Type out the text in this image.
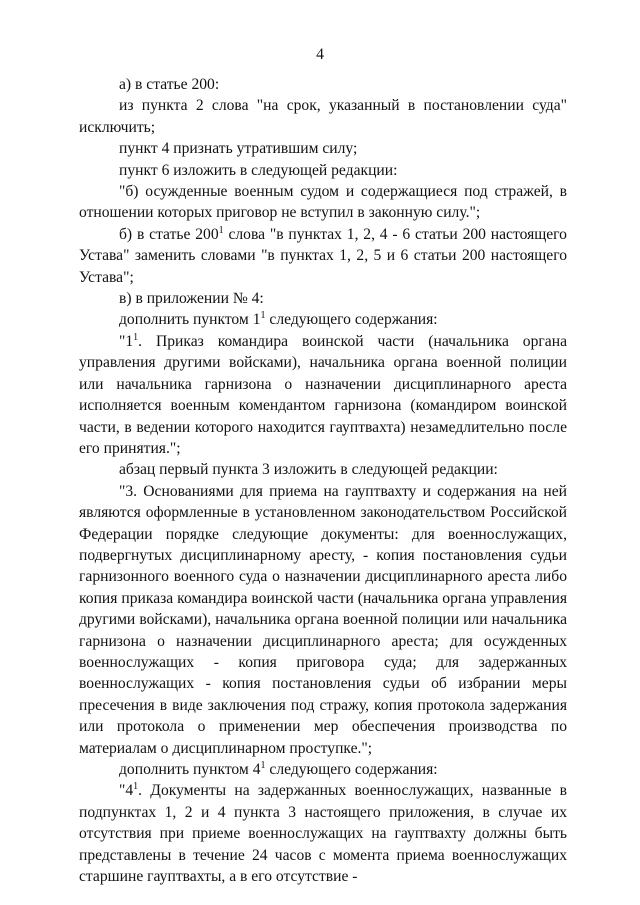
4

а) в статье 200:

из пункта 2 слова "на срок, указанный в постановлении суда" исключить;

пункт 4 признать утратившим силу;

пункт 6 изложить в следующей редакции:

"б) осужденные военным судом и содержащиеся под стражей, в отношении которых приговор не вступил в законную силу.";

б) в статье $200^1$ слова "в пунктах 1, 2, 4 - 6 статьи 200 настоящего Устава" заменить словами "в пунктах 1, 2, 5 и 6 статьи 200 настоящего Устава";

в) в приложении № 4:

дополнить пунктом $1^1$ следующего содержания:

"$1^1$. Приказ командира воинской части (начальника органа управления другими войсками), начальника органа военной полиции или начальника гарнизона о назначении дисциплинарного ареста исполняется военным комендантом гарнизона (командиром воинской части, в ведении которого находится гауптвахта) незамедлительно после его принятия.";

абзац первый пункта 3 изложить в следующей редакции:

"3. Основаниями для приема на гауптвахту и содержания на ней являются оформленные в установленном законодательством Российской Федерации порядке следующие документы: для военнослужащих, подвергнутых дисциплинарному аресту, - копия постановления судьи гарнизонного военного суда о назначении дисциплинарного ареста либо копия приказа командира воинской части (начальника органа управления другими войсками), начальника органа военной полиции или начальника гарнизона о назначении дисциплинарного ареста; для осужденных военнослужащих - копия приговора суда; для задержанных военнослужащих - копия постановления судьи об избрании меры пресечения в виде заключения под стражу, копия протокола задержания или протокола о применении мер обеспечения производства по материалам о дисциплинарном проступке.";

дополнить пунктом $4^1$ следующего содержания:

"$4^1$. Документы на задержанных военнослужащих, названные в подпунктах 1, 2 и 4 пункта 3 настоящего приложения, в случае их отсутствия при приеме военнослужащих на гауптвахту должны быть представлены в течение 24 часов с момента приема военнослужащих старшине гауптвахты, а в его отсутствие -
